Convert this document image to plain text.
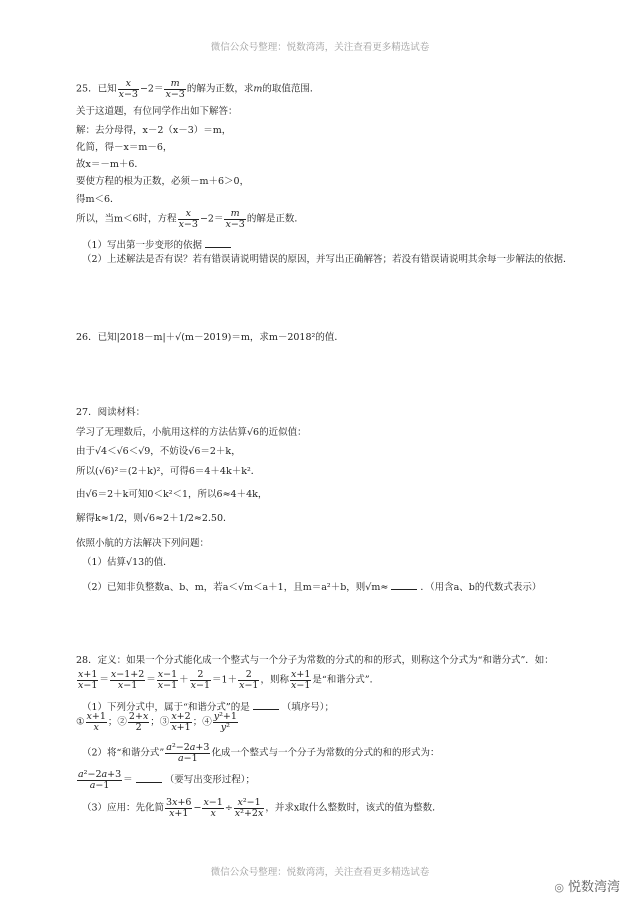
微信公众号整理：悦数湾湾，关注查看更多精选试卷
25．已知 $\frac{x}{x-3} -2= \frac{m}{x-3}$ 的解为正数，求m的取值范围．
关于这道题，有位同学作出如下解答：
解：去分母得，x－2（x－3）＝m，
化简，得－x＝m－6，
故x＝－m＋6．
要使方程的根为正数，必须－m＋6＞0，
得m＜6．
所以，当m＜6时，方程 $\frac{x}{x-3} -2= \frac{m}{x-3}$ 的解是正数．
（1）写出第一步变形的依据
（2）上述解法是否有误？若有错误请说明错误的原因，并写出正确解答；若没有错误请说明其余每一步解法的依据．
26．已知|2018－m|＋√(m－2019)＝m，求m－2018²的值．
27．阅读材料：
学习了无理数后，小航用这样的方法估算√6的近似值：
由于√4＜√6＜√9，不妨设√6＝2＋k，
所以(√6)²＝(2＋k)²，可得6＝4＋4k＋k²．
由√6＝2＋k可知0＜k²＜1，所以6≈4＋4k，
解得k≈1/2，则√6≈2＋1/2≈2.50．
依照小航的方法解决下列问题：
（1）估算√13的值．
（2）已知非负整数a、b、m，若a＜√m＜a＋1，且m＝a²＋b，则√m≈	．（用含a、b的代数式表示）
28．定义：如果一个分式能化成一个整式与一个分子为常数的分式的和的形式，则称这个分式为“和谐分式”．如：
$\frac{x+1}{x-1} = \frac{x-1+2}{x-1} = \frac{x-1}{x-1} + \frac{2}{x-1} =1+ \frac{2}{x-1}$ ，则称 $\frac{x+1}{x-1}$ 是“和谐分式”．
（1）下列分式中，属于“和谐分式”的是	（填序号）；
① $\frac{x+1}{x}$ ；② $\frac{2+x}{2}$ ；③ $\frac{x+2}{x+1}$ ；④ $\frac{\text{y²+1}}{\text{y²}}$
（2）将“和谐分式” $\frac{\text{a²−2a+3}}{a-1}$ 化成一个整式与一个分子为常数的分式的和的形式为：
$\frac{\text{a²−2a+3}}{a-1}$ ＝	（要写出变形过程）；
（3）应用：先化简 $\frac{3x+6}{x+1} - \frac{x-1}{x} \div \frac{\text{x²−1}}{\text{x²+2x}}$ ，并求x取什么整数时，该式的值为整数．
微信公众号整理：悦数湾湾，关注查看更多精选试卷
◎ 悦数湾湾
